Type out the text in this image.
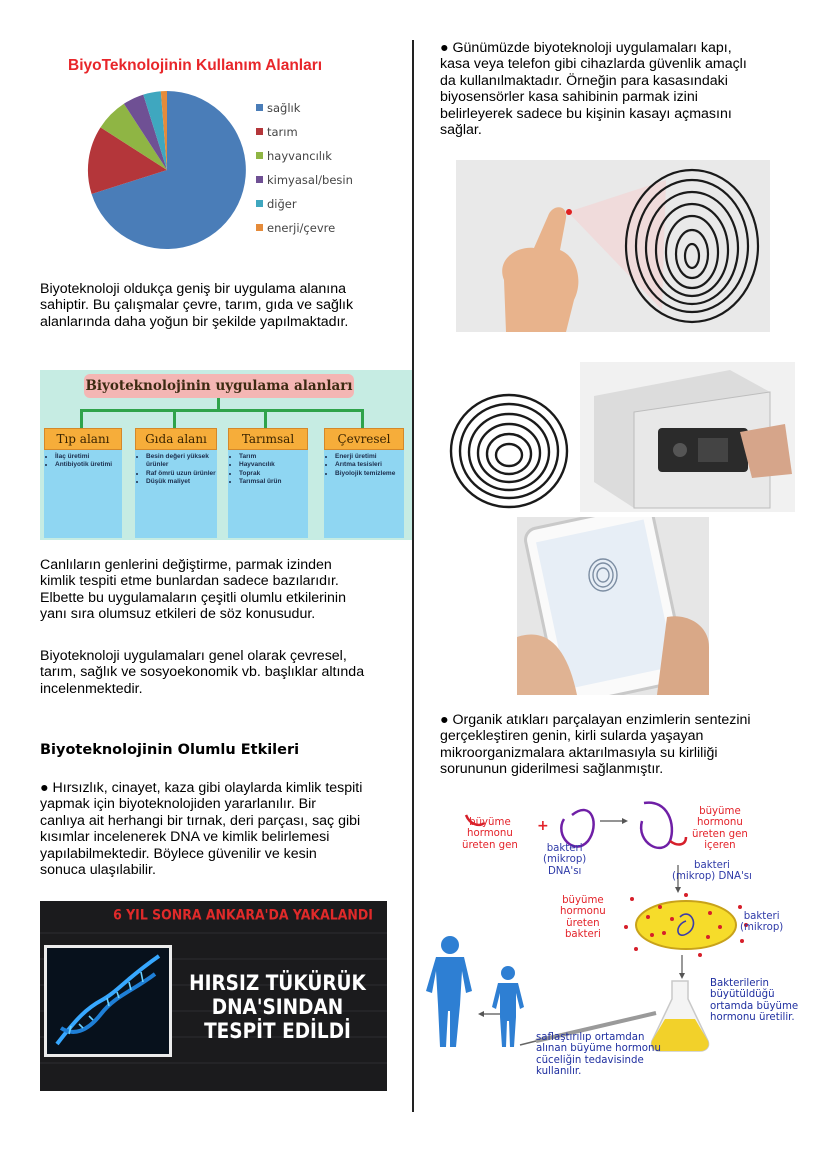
BiyoTeknolojinin Kullanım Alanları
sağlık
tarım
hayvancılık
kimyasal/besin
diğer
enerji/çevre
Biyoteknoloji oldukça geniş bir uygulama alanına
sahiptir. Bu çalışmalar çevre, tarım, gıda ve sağlık
alanlarında daha yoğun bir şekilde yapılmaktadır.
Biyoteknolojinin uygulama alanları
Tıp alanı	Gıda alanı	Tarımsal	Çevresel
• İlaç üretimi
• Antibiyotik üretimi
• Besin değeri yüksek ürünler
• Raf ömrü uzun ürünler
• Düşük maliyet
• Tarım
• Hayvancılık
• Toprak
• Tarımsal ürün
• Enerji üretimi
• Arıtma tesisleri
• Biyolojik temizleme
Canlıların genlerini değiştirme, parmak izinden
kimlik tespiti etme bunlardan sadece bazılarıdır.
Elbette bu uygulamaların çeşitli olumlu etkilerinin
yanı sıra olumsuz etkileri de söz konusudur.
Biyoteknoloji uygulamaları genel olarak çevresel,
tarım, sağlık ve sosyoekonomik vb. başlıklar altında
incelenmektedir.
Biyoteknolojinin Olumlu Etkileri
● Hırsızlık, cinayet, kaza gibi olaylarda kimlik tespiti
yapmak için biyoteknolojiden yararlanılır. Bir
canlıya ait herhangi bir tırnak, deri parçası, saç gibi
kısımlar incelenerek DNA ve kimlik belirlemesi
yapılabilmektedir. Böylece güvenilir ve kesin
sonuca ulaşılabilir.
6 YIL SONRA ANKARA'DA YAKALANDI
HIRSIZ TÜKÜRÜK
DNA'SINDAN
TESPİT EDİLDİ
● Günümüzde biyoteknoloji uygulamaları kapı,
kasa veya telefon gibi cihazlarda güvenlik amaçlı
da kullanılmaktadır. Örneğin para kasasındaki
biyosensörler kasa sahibinin parmak izini
belirleyerek sadece bu kişinin kasayı açmasını
sağlar.
● Organik atıkları parçalayan enzimlerin sentezini
gerçekleştiren genin, kirli sularda yaşayan
mikroorganizmalara aktarılmasıyla su kirliliği
sorununun giderilmesi sağlanmıştır.
büyüme
hormonu
üreten gen
+
bakteri
(mikrop)
DNA'sı
büyüme
hormonu
üreten gen
içeren
bakteri
(mikrop) DNA'sı
büyüme
hormonu
üreten
bakteri
bakteri
(mikrop)
Bakterilerin
büyütüldüğü
ortamda büyüme
hormonu üretilir.
saflaştırılıp ortamdan
alınan büyüme hormonu
cüceliğin tedavisinde
kullanılır.
